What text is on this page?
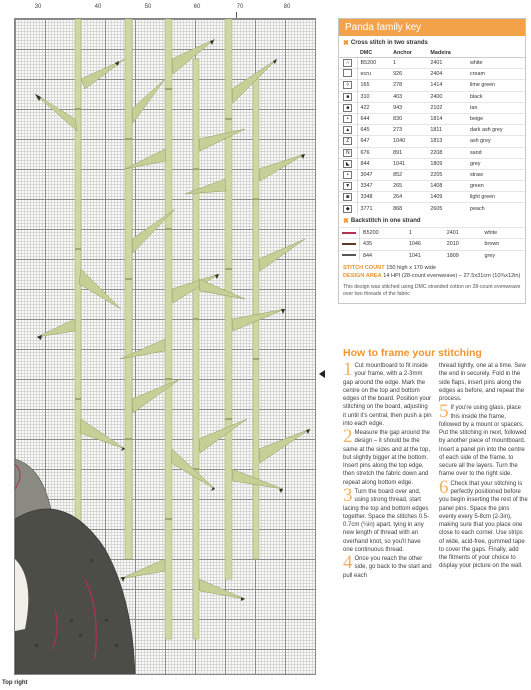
30	40	50	60	70	80
Top right
Panda family key
✖ Cross stitch in two strands
	DMC	Anchor	Madeira	
∩	B5200	1	2401	white
	ecru	926	2404	cream
◊	165	278	1414	lime green
■	310	403	2400	black
■	422	943	2102	tan
•	644	830	1814	beige
▲	645	273	1811	dark ash grey
Z	647	1040	1813	ash grey
N	676	891	2208	sand
◣	844	1041	1809	grey
•	3047	852	2205	straw
▼	3347	265	1408	green
◙	3348	264	1409	light green
◆	3771	868	2605	peach
✖ Backstitch in one strand
	B5200	1	2401	white
	435	1046	2010	brown
	844	1041	1809	grey
STITCH COUNT 150 high x 170 wide
DESIGN AREA 14 HPI (28-count evenweave) – 27.5x31cm (10¾x12in)
This design was stitched using DMC stranded cotton on 28-count evenweave over two threads of the fabric
How to frame your stitching
1 Cut mountboard to fit inside your frame, with a 2-3mm gap around the edge. Mark the centre on the top and bottom edges of the board. Position your stitching on the board, adjusting it until it's central, then push a pin into each edge.
2 Measure the gap around the design – it should be the same at the sides and at the top, but slightly bigger at the bottom. Insert pins along the top edge, then stretch the fabric down and repeat along bottom edge.
3 Turn the board over and, using strong thread, start lacing the top and bottom edges together. Space the stitches 0.5-0.7cm (¼in) apart, tying in any new length of thread with an overhand knot, so you'll have one continuous thread.
4 Once you reach the other side, go back to the start and pull each
thread tightly, one at a time. Sew the end in securely. Fold in the side flaps, insert pins along the edges as before, and repeat the process.
5 If you're using glass, place this inside the frame, followed by a mount or spacers. Put the stitching in next, followed by another piece of mountboard. Insert a panel pin into the centre of each side of the frame, to secure all the layers. Turn the frame over to the right side.
6 Check that your stitching is perfectly positioned before you begin inserting the rest of the panel pins. Space the pins evenly every 5-8cm (2-3in), making sure that you place one close to each corner. Use strips of wide, acid-free, gummed tape to cover the gaps. Finally, add the fitments of your choice to display your picture on the wall.
